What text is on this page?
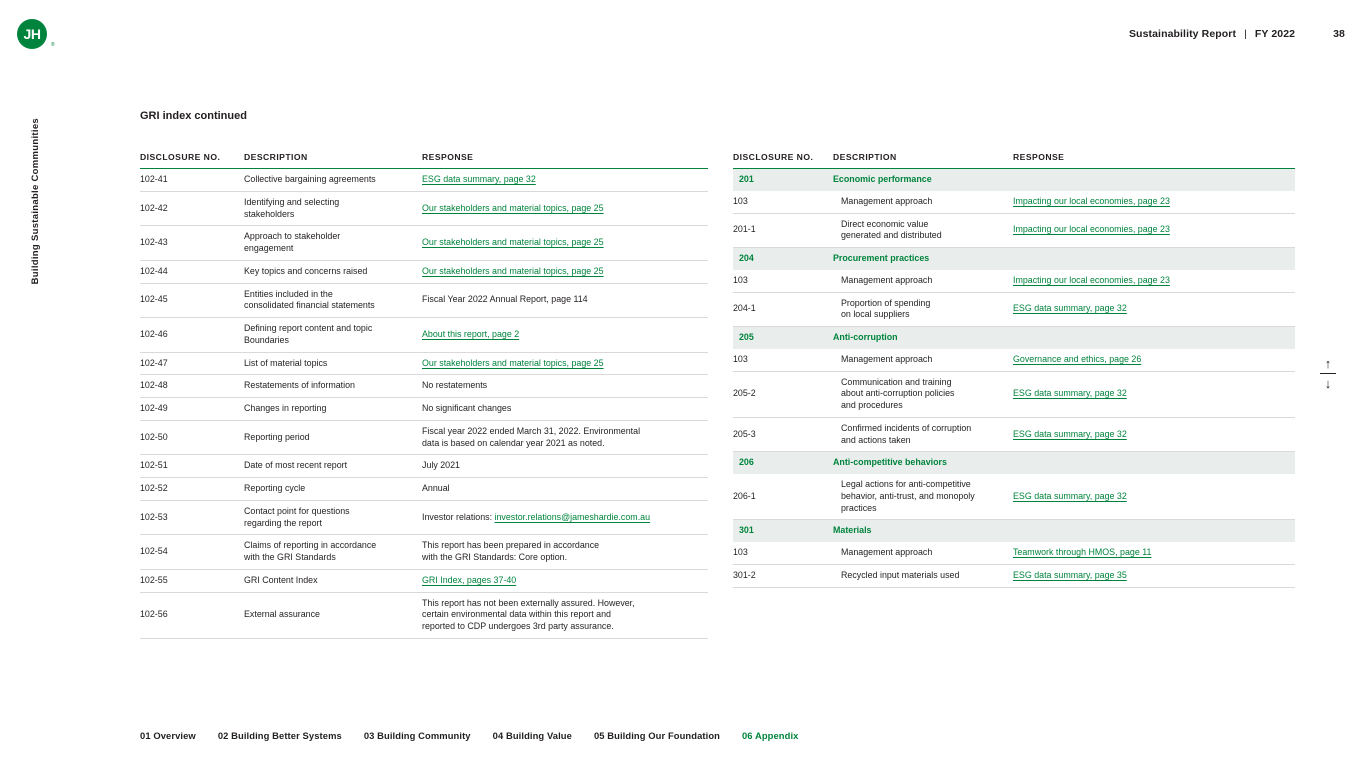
JH
®
Sustainability Report | FY 2022	38
Building Sustainable Communities
GRI index continued
DISCLOSURE NO.	DESCRIPTION	RESPONSE
102-41	Collective bargaining agreements	ESG data summary, page 32
102-42	Identifying and selecting
stakeholders	Our stakeholders and material topics, page 25
102-43	Approach to stakeholder
engagement	Our stakeholders and material topics, page 25
102-44	Key topics and concerns raised	Our stakeholders and material topics, page 25
102-45	Entities included in the
consolidated financial statements	Fiscal Year 2022 Annual Report, page 114
102-46	Defining report content and topic
Boundaries	About this report, page 2
102-47	List of material topics	Our stakeholders and material topics, page 25
102-48	Restatements of information	No restatements
102-49	Changes in reporting	No significant changes
102-50	Reporting period	Fiscal year 2022 ended March 31, 2022. Environmental
data is based on calendar year 2021 as noted.
102-51	Date of most recent report	July 2021
102-52	Reporting cycle	Annual
102-53	Contact point for questions
regarding the report	Investor relations: investor.relations@jameshardie.com.au
102-54	Claims of reporting in accordance
with the GRI Standards	This report has been prepared in accordance
with the GRI Standards: Core option.
102-55	GRI Content Index	GRI Index, pages 37-40
102-56	External assurance	This report has not been externally assured. However,
certain environmental data within this report and
reported to CDP undergoes 3rd party assurance.
DISCLOSURE NO.	DESCRIPTION	RESPONSE
201	Economic performance	
103	Management approach	Impacting our local economies, page 23
201-1	Direct economic value
generated and distributed	Impacting our local economies, page 23
204	Procurement practices	
103	Management approach	Impacting our local economies, page 23
204-1	Proportion of spending
on local suppliers	ESG data summary, page 32
205	Anti-corruption	
103	Management approach	Governance and ethics, page 26
205-2	Communication and training
about anti-corruption policies
and procedures	ESG data summary, page 32
205-3	Confirmed incidents of corruption
and actions taken	ESG data summary, page 32
206	Anti-competitive behaviors	
206-1	Legal actions for anti-competitive
behavior, anti-trust, and monopoly
practices	ESG data summary, page 32
301	Materials	
103	Management approach	Teamwork through HMOS, page 11
301-2	Recycled input materials used	ESG data summary, page 35
↑
↓
01 Overview 02 Building Better Systems 03 Building Community 04 Building Value 05 Building Our Foundation 06 Appendix
